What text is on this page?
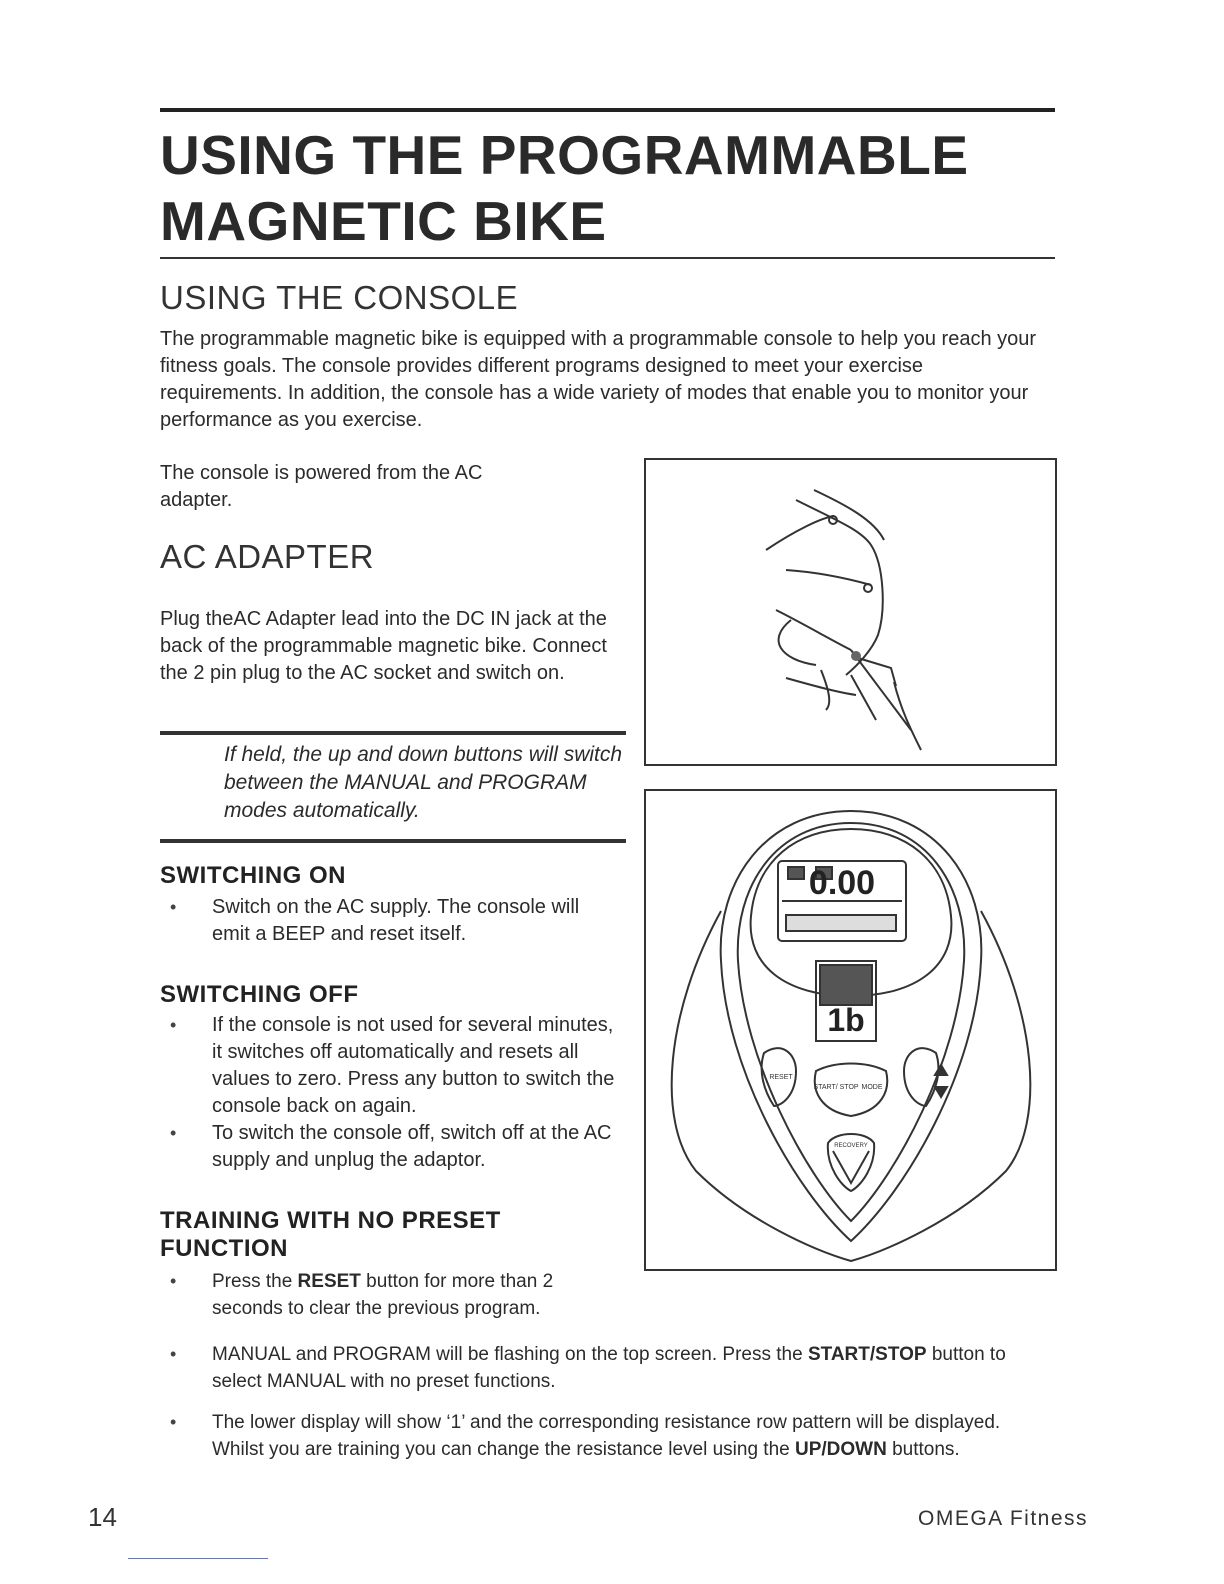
USING THE PROGRAMMABLE
MAGNETIC BIKE
USING THE CONSOLE
The programmable magnetic bike is equipped with a programmable console to help you reach your fitness goals. The console provides different programs designed to meet your exercise requirements. In addition, the console has a wide variety of modes that enable you to monitor your performance as you exercise.
The console is powered from the AC adapter.
AC ADAPTER
Plug theAC Adapter lead into the DC IN jack at the back of the programmable magnetic bike. Connect the 2 pin plug to the AC socket and switch on.
If held, the up and down buttons will switch between the MANUAL and PROGRAM modes automatically.
SWITCHING ON
• Switch on the AC supply. The console will emit a BEEP and reset itself.
SWITCHING OFF
• If the console is not used for several minutes, it switches off automatically and resets all values to zero. Press any button to switch the console back on again.
• To switch the console off, switch off at the AC supply and unplug the adaptor.
TRAINING WITH NO PRESET
FUNCTION
• Press the RESET button for more than 2 seconds to clear the previous program.
• MANUAL and PROGRAM will be flashing on the top screen. Press the START/STOP button to select MANUAL with no preset functions.
• The lower display will show ‘1’ and the corresponding resistance row pattern will be displayed. Whilst you are training you can change the resistance level using the UP/DOWN buttons.
0.00
1b
RESET
START/ STOP MODE
RECOVERY
14	OMEGA Fitness
